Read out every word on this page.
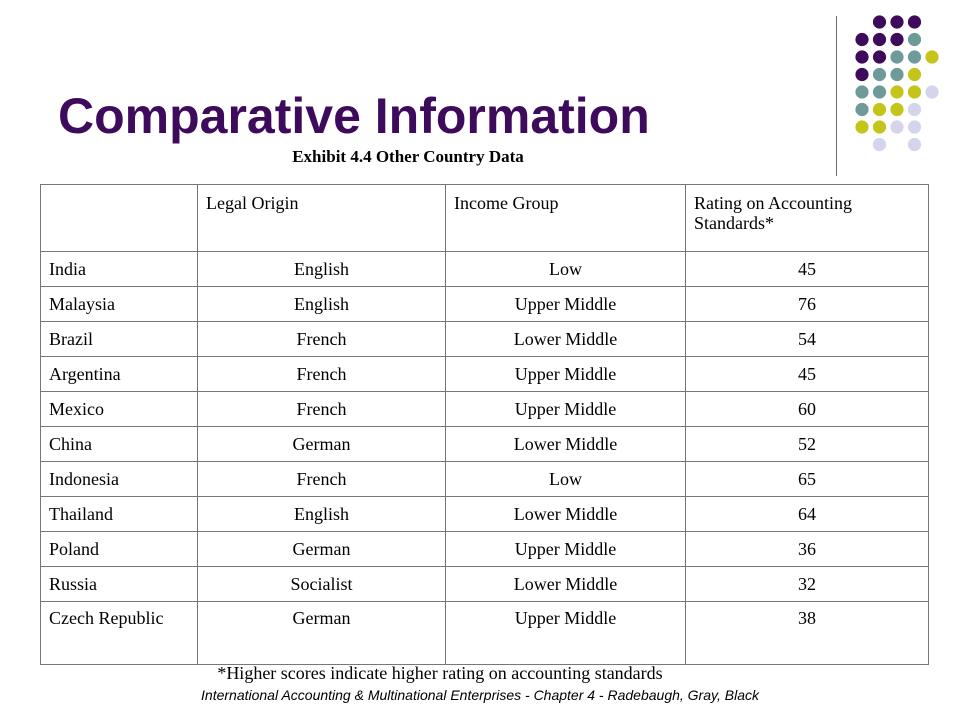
Comparative Information
Exhibit 4.4 Other Country Data
	Legal Origin	Income Group	Rating on Accounting Standards*
India	English	Low	45
Malaysia	English	Upper Middle	76
Brazil	French	Lower Middle	54
Argentina	French	Upper Middle	45
Mexico	French	Upper Middle	60
China	German	Lower Middle	52
Indonesia	French	Low	65
Thailand	English	Lower Middle	64
Poland	German	Upper Middle	36
Russia	Socialist	Lower Middle	32
Czech Republic	German	Upper Middle	38
*Higher scores indicate higher rating on accounting standards
International Accounting & Multinational Enterprises - Chapter 4 - Radebaugh, Gray, Black
